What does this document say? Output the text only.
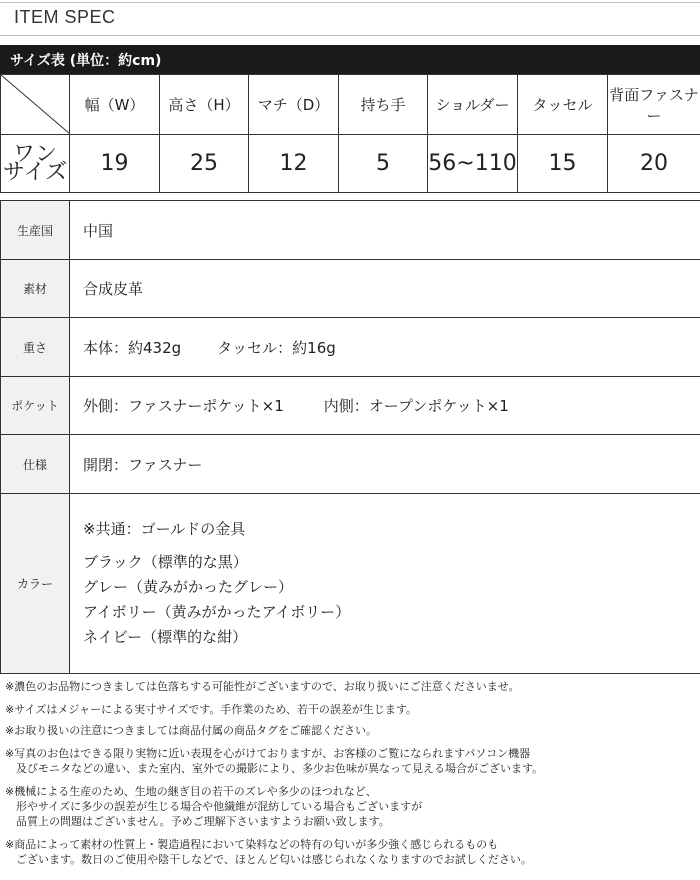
ITEM SPEC
サイズ表 (単位：約cm)
	幅（W）	高さ（H）	マチ（D）	持ち手	ショルダー	タッセル	背面ファスナー
ワン
サイズ	19	25	12	5	56~110	15	20
生産国	中国
素材	合成皮革
重さ	本体：約432g タッセル：約16g
ポケット	外側：ファスナーポケット×1 内側：オープンポケット×1
仕様	開閉：ファスナー
カラー	※共通：ゴールドの金具
ブラック（標準的な黒）
グレー（黄みがかったグレー）
アイボリー（黄みがかったアイボリー）
ネイビー（標準的な紺）

※濃色のお品物につきましては色落ちする可能性がございますので、お取り扱いにご注意くださいませ。

※サイズはメジャーによる実寸サイズです。手作業のため、若干の誤差が生じます。

※お取り扱いの注意につきましては商品付属の商品タグをご確認ください。

※写真のお色はできる限り実物に近い表現を心がけておりますが、お客様のご覧になられますパソコン機器
　及びモニタなどの違い、また室内、室外での撮影により、多少お色味が異なって見える場合がございます。

※機械による生産のため、生地の継ぎ目の若干のズレや多少のほつれなど、
　形やサイズに多少の誤差が生じる場合や他繊維が混紡している場合もございますが
　品質上の問題はございません。予めご理解下さいますようお願い致します。

※商品によって素材の性質上・製造過程において染料などの特有の匂いが多少強く感じられるものも
　ございます。数日のご使用や陰干しなどで、ほとんど匂いは感じられなくなりますのでお試しください。
